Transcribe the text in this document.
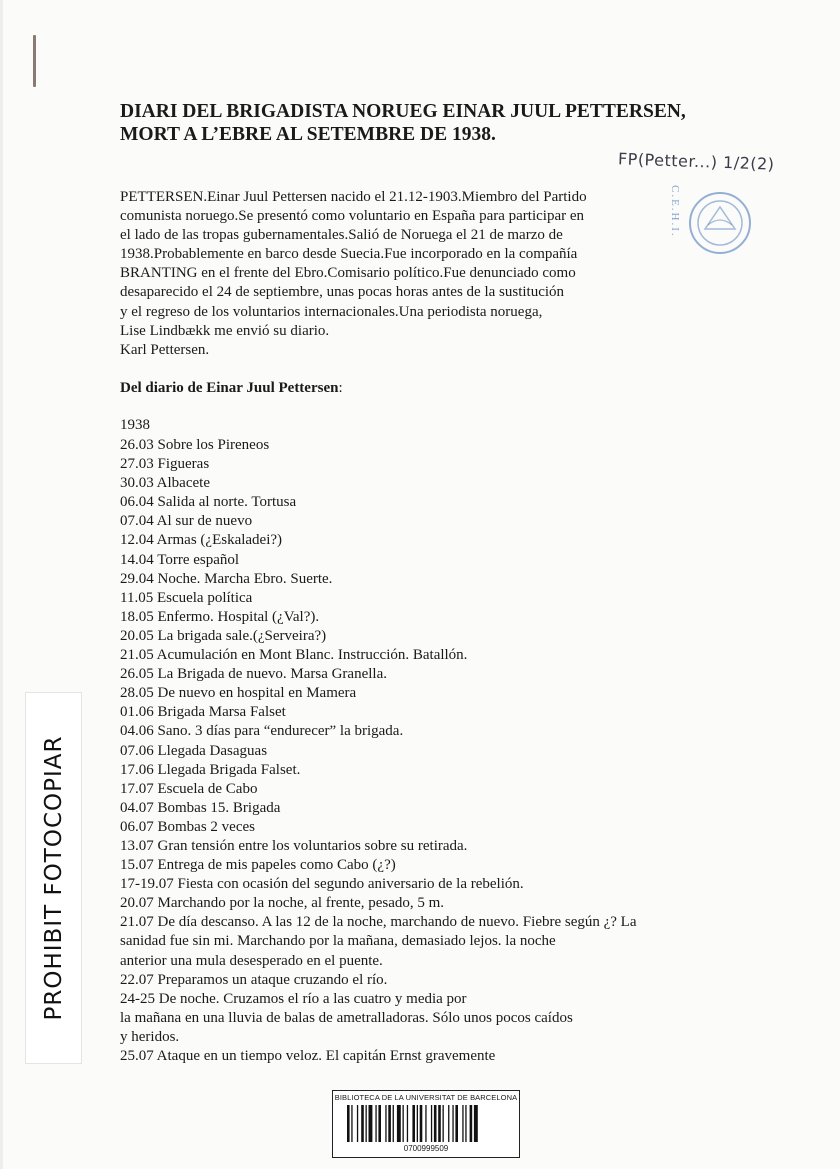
DIARI DEL BRIGADISTA NORUEG EINAR JUUL PETTERSEN,
MORT A L’EBRE AL SETEMBRE DE 1938.
FP(Petter...) 1/2(2)
C.E.H.I.
PETTERSEN.Einar Juul Pettersen nacido el 21.12-1903.Miembro del Partido
comunista noruego.Se presentó como voluntario en España para participar en
el lado de las tropas gubernamentales.Salió de Noruega el 21 de marzo de
1938.Probablemente en barco desde Suecia.Fue incorporado en la compañía
BRANTING en el frente del Ebro.Comisario político.Fue denunciado como
desaparecido el 24 de septiembre, unas pocas horas antes de la sustitución
y el regreso de los voluntarios internacionales.Una periodista noruega,
Lise Lindbækk me envió su diario.
Karl Pettersen.
Del diario de Einar Juul Pettersen:
1938
26.03 Sobre los Pireneos
27.03 Figueras
30.03 Albacete
06.04 Salida al norte. Tortusa
07.04 Al sur de nuevo
12.04 Armas (¿Eskaladei?)
14.04 Torre español
29.04 Noche. Marcha Ebro. Suerte.
11.05 Escuela política
18.05 Enfermo. Hospital (¿Val?).
20.05 La brigada sale.(¿Serveira?)
21.05 Acumulación en Mont Blanc. Instrucción. Batallón.
26.05 La Brigada de nuevo. Marsa Granella.
28.05 De nuevo en hospital en Mamera
01.06 Brigada Marsa Falset
04.06 Sano. 3 días para “endurecer” la brigada.
07.06 Llegada Dasaguas
17.06 Llegada Brigada Falset.
17.07 Escuela de Cabo
04.07 Bombas 15. Brigada
06.07 Bombas 2 veces
13.07 Gran tensión entre los voluntarios sobre su retirada.
15.07 Entrega de mis papeles como Cabo (¿?)
17-19.07 Fiesta con ocasión del segundo aniversario de la rebelión.
20.07 Marchando por la noche, al frente, pesado, 5 m.
21.07 De día descanso. A las 12 de la noche, marchando de nuevo. Fiebre según ¿? La
sanidad fue sin mi. Marchando por la mañana, demasiado lejos. la noche
anterior una mula desesperado en el puente.
22.07 Preparamos un ataque cruzando el río.
24-25 De noche. Cruzamos el río a las cuatro y media por
la mañana en una lluvia de balas de ametralladoras. Sólo unos pocos caídos
y heridos.
25.07 Ataque en un tiempo veloz. El capitán Ernst gravemente
PROHIBIT FOTOCOPIAR
BIBLIOTECA DE LA UNIVERSITAT DE BARCELONA
0700999509
